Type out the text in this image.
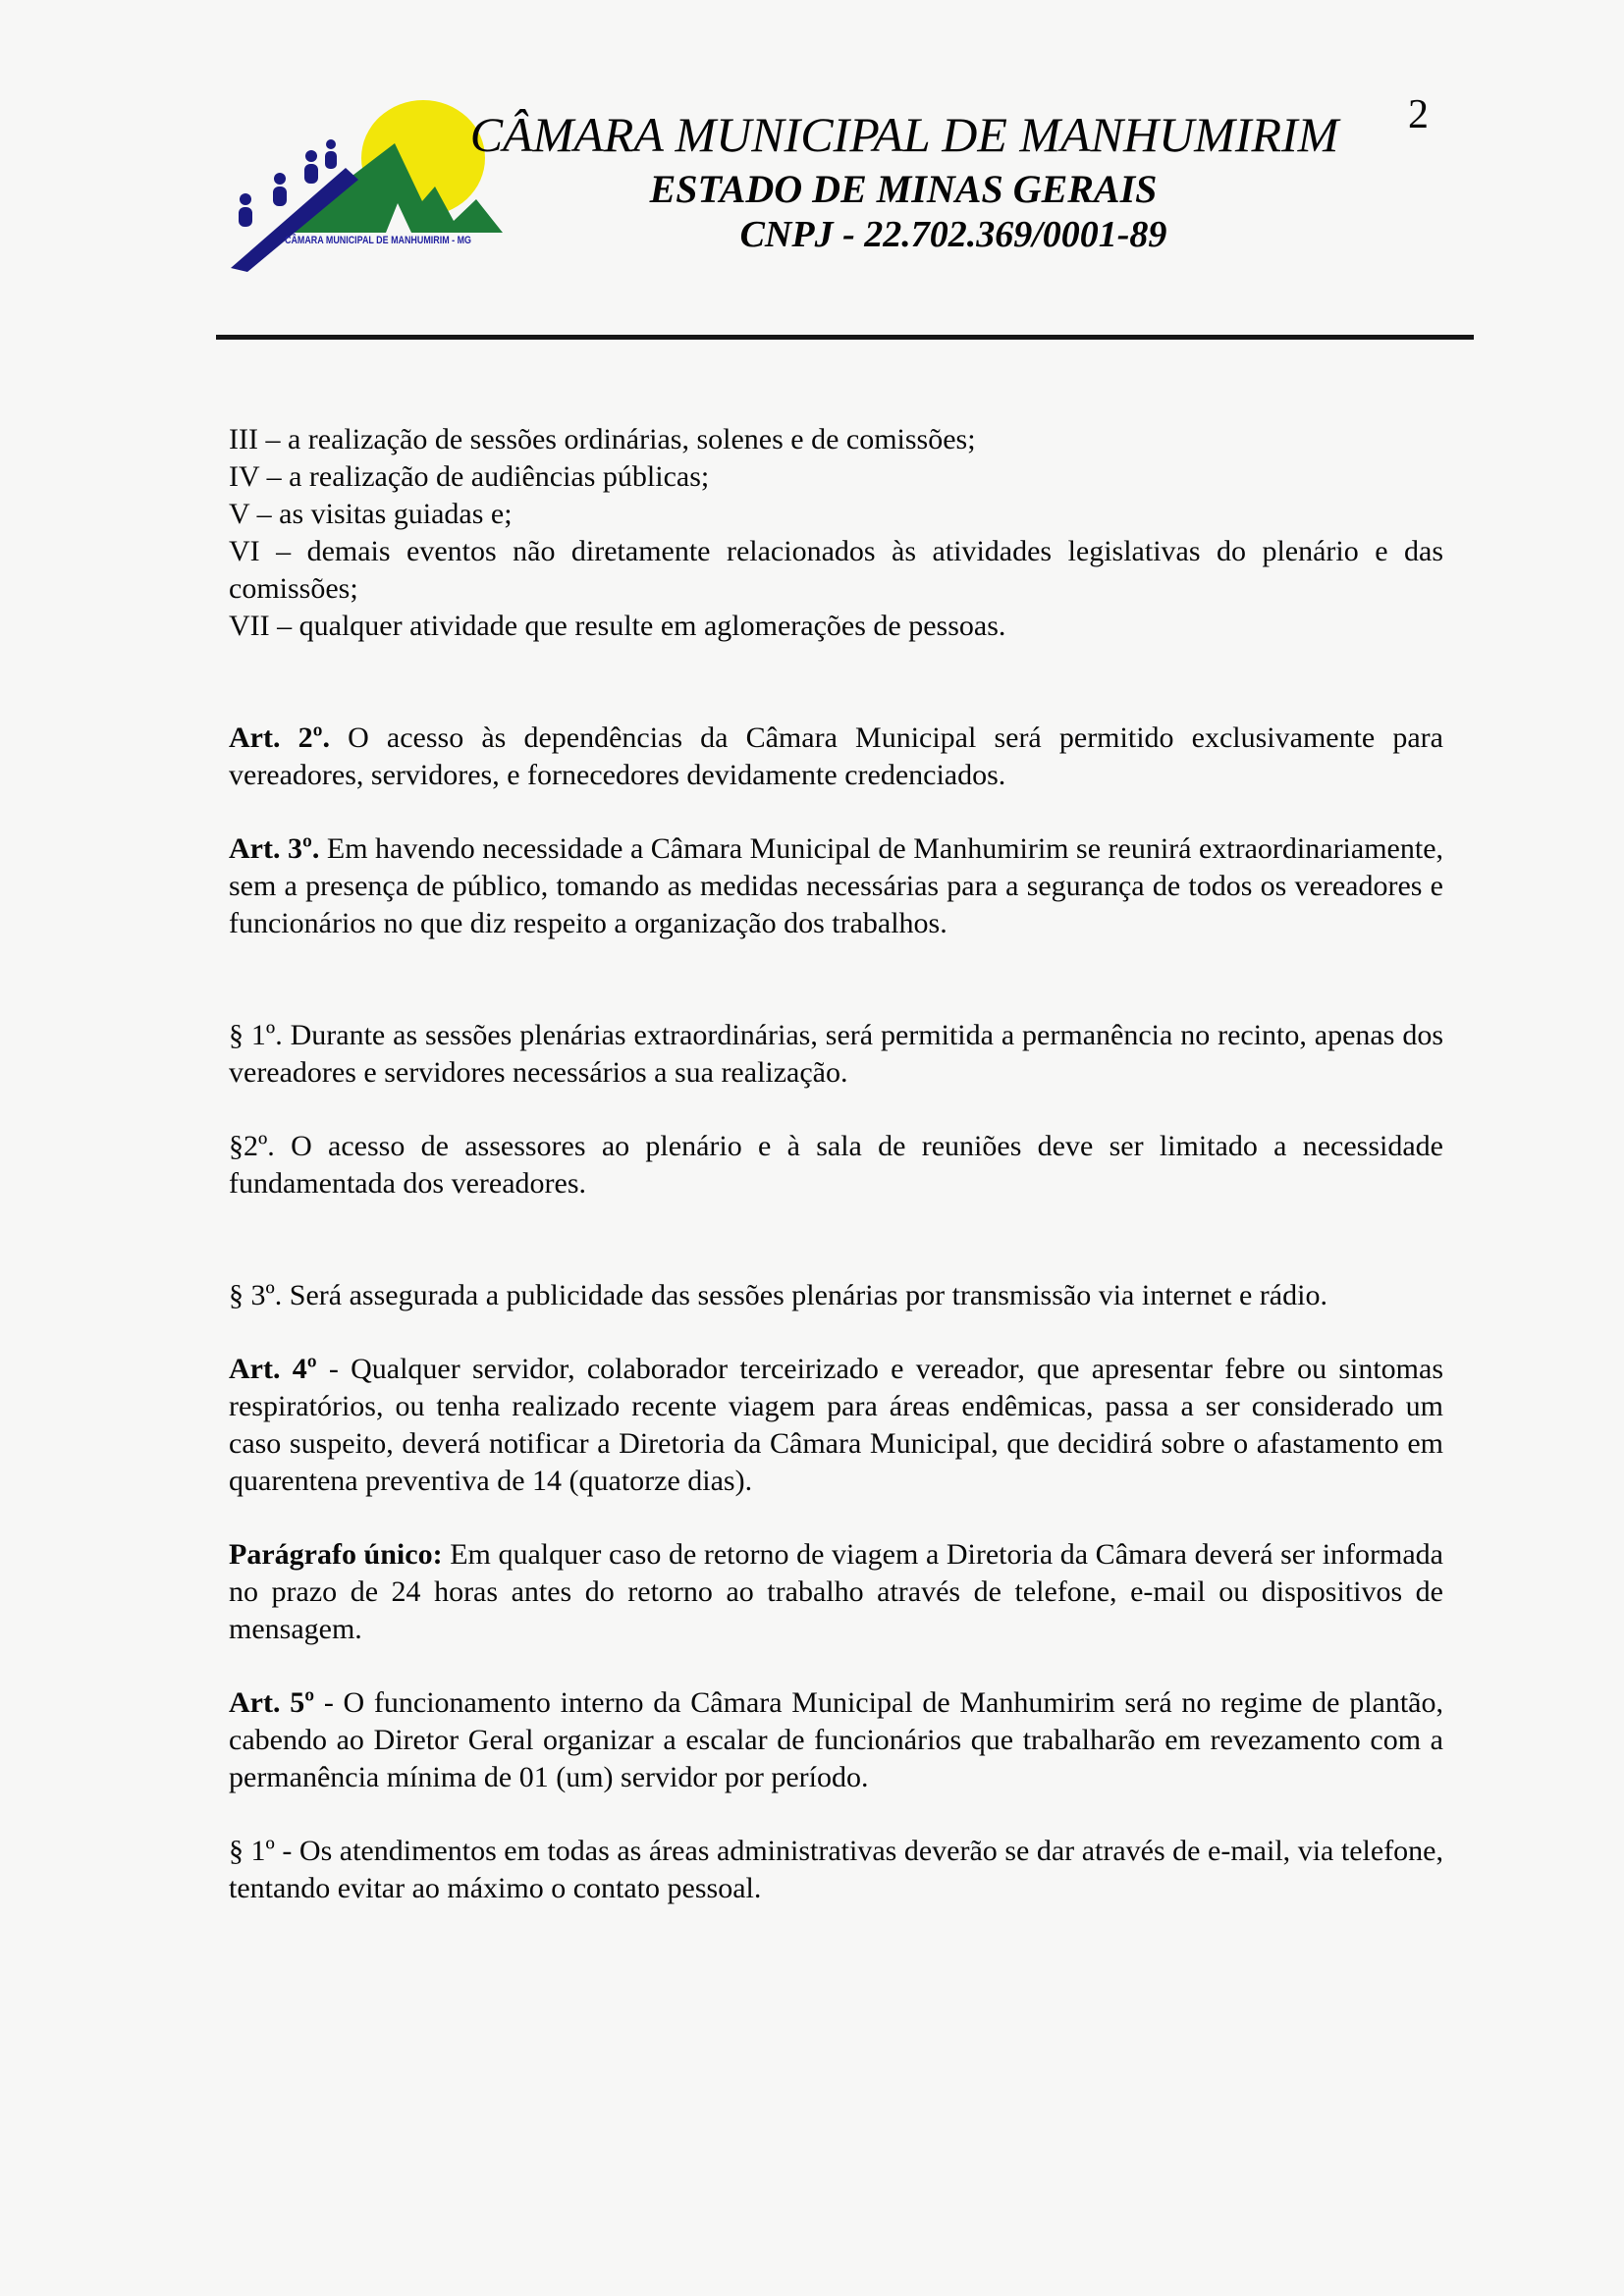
CÂMARA MUNICIPAL DE MANHUMIRIM - MG
CÂMARA MUNICIPAL DE MANHUMIRIM
ESTADO DE MINAS GERAIS
CNPJ - 22.702.369/0001-89
2

III – a realização de sessões ordinárias, solenes e de comissões;

IV – a realização de audiências públicas;

V – as visitas guiadas e;

VI – demais eventos não diretamente relacionados às atividades legislativas do plenário e das comissões;

VII – qualquer atividade que resulte em aglomerações de pessoas.

Art. 2º. O acesso às dependências da Câmara Municipal será permitido exclusivamente para vereadores, servidores, e fornecedores devidamente credenciados.

Art. 3º. Em havendo necessidade a Câmara Municipal de Manhumirim se reunirá extraordinariamente, sem a presença de público, tomando as medidas necessárias para a segurança de todos os vereadores e funcionários no que diz respeito a organização dos trabalhos.

§ 1º. Durante as sessões plenárias extraordinárias, será permitida a permanência no recinto, apenas dos vereadores e servidores necessários a sua realização.

§2º. O acesso de assessores ao plenário e à sala de reuniões deve ser limitado a necessidade fundamentada dos vereadores.

§ 3º. Será assegurada a publicidade das sessões plenárias por transmissão via internet e rádio.

Art. 4º - Qualquer servidor, colaborador terceirizado e vereador, que apresentar febre ou sintomas respiratórios, ou tenha realizado recente viagem para áreas endêmicas, passa a ser considerado um caso suspeito, deverá notificar a Diretoria da Câmara Municipal, que decidirá sobre o afastamento em quarentena preventiva de 14 (quatorze dias).

Parágrafo único: Em qualquer caso de retorno de viagem a Diretoria da Câmara deverá ser informada no prazo de 24 horas antes do retorno ao trabalho através de telefone, e-mail ou dispositivos de mensagem.

Art. 5º - O funcionamento interno da Câmara Municipal de Manhumirim será no regime de plantão, cabendo ao Diretor Geral organizar a escalar de funcionários que trabalharão em revezamento com a permanência mínima de 01 (um) servidor por período.

§ 1º - Os atendimentos em todas as áreas administrativas deverão se dar através de e-mail, via telefone, tentando evitar ao máximo o contato pessoal.
